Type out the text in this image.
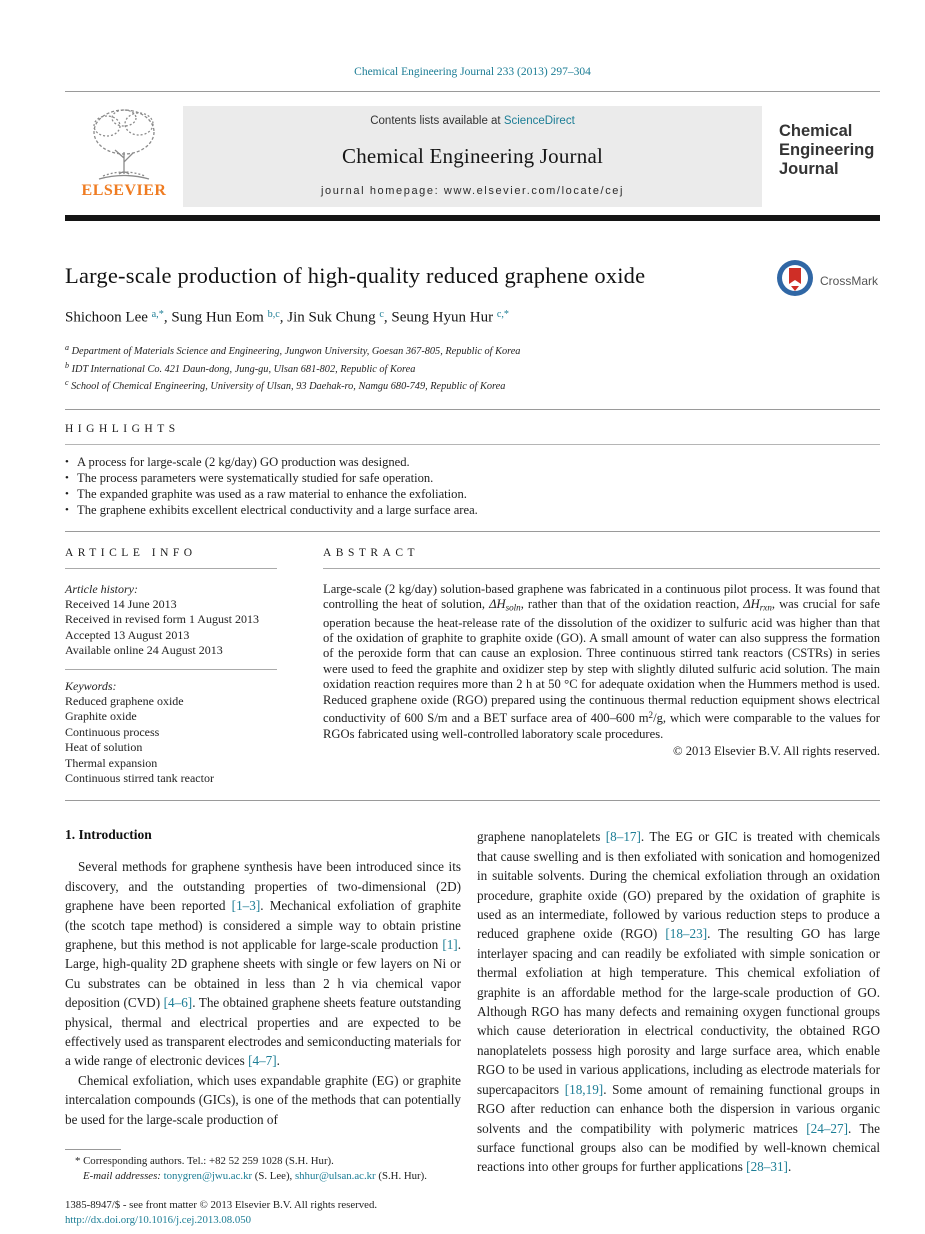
Chemical Engineering Journal 233 (2013) 297–304
ELSEVIER
Contents lists available at ScienceDirect
Chemical Engineering Journal
journal homepage: www.elsevier.com/locate/cej
Chemical
Engineering
Journal
Large-scale production of high-quality reduced graphene oxide	CrossMark
Shichoon Lee $^{a,*}$, Sung Hun Eom $^{b,c}$, Jin Suk Chung $^c$, Seung Hyun Hur $^{c,*}$
$^a$ Department of Materials Science and Engineering, Jungwon University, Goesan 367-805, Republic of Korea
$^b$ IDT International Co. 421 Daun-dong, Jung-gu, Ulsan 681-802, Republic of Korea
$^c$ School of Chemical Engineering, University of Ulsan, 93 Daehak-ro, Namgu 680-749, Republic of Korea
HIGHLIGHTS
• A process for large-scale (2 kg/day) GO production was designed.
• The process parameters were systematically studied for safe operation.
• The expanded graphite was used as a raw material to enhance the exfoliation.
• The graphene exhibits excellent electrical conductivity and a large surface area.
ARTICLE INFO
Article history:
Received 14 June 2013
Received in revised form 1 August 2013
Accepted 13 August 2013
Available online 24 August 2013
Keywords:
Reduced graphene oxide
Graphite oxide
Continuous process
Heat of solution
Thermal expansion
Continuous stirred tank reactor
ABSTRACT
Large-scale (2 kg/day) solution-based graphene was fabricated in a continuous pilot process. It was found that controlling the heat of solution, ΔHsoln, rather than that of the oxidation reaction, ΔHrxn, was crucial for safe operation because the heat-release rate of the dissolution of the oxidizer to sulfuric acid was higher than that of the oxidation of graphite to graphite oxide (GO). A small amount of water can also suppress the formation of the peroxide form that can cause an explosion. Three continuous stirred tank reactors (CSTRs) in series were used to feed the graphite and oxidizer step by step with slightly diluted sulfuric acid solution. The main oxidation reaction requires more than 2 h at 50 °C for adequate oxidation when the Hummers method is used. Reduced graphene oxide (RGO) prepared using the continuous thermal reduction equipment shows electrical conductivity of 600 S/m and a BET surface area of 400–600 $m^2/g$, which were comparable to the values for RGOs fabricated using well-controlled laboratory scale procedures.
© 2013 Elsevier B.V. All rights reserved.
1. Introduction
Several methods for graphene synthesis have been introduced since its discovery, and the outstanding properties of two-dimensional (2D) graphene have been reported [1–3]. Mechanical exfoliation of graphite (the scotch tape method) is considered a simple way to obtain pristine graphene, but this method is not applicable for large-scale production [1]. Large, high-quality 2D graphene sheets with single or few layers on Ni or Cu substrates can be obtained in less than 2 h via chemical vapor deposition (CVD) [4–6]. The obtained graphene sheets feature outstanding physical, thermal and electrical properties and are expected to be effectively used as transparent electrodes and semiconducting materials for a wide range of electronic devices [4–7].
Chemical exfoliation, which uses expandable graphite (EG) or graphite intercalation compounds (GICs), is one of the methods that can potentially be used for the large-scale production of
* Corresponding authors. Tel.: +82 52 259 1028 (S.H. Hur).
E-mail addresses: tonygren@jwu.ac.kr (S. Lee), shhur@ulsan.ac.kr (S.H. Hur).
1385-8947/$ - see front matter © 2013 Elsevier B.V. All rights reserved.
http://dx.doi.org/10.1016/j.cej.2013.08.050
graphene nanoplatelets [8–17]. The EG or GIC is treated with chemicals that cause swelling and is then exfoliated with sonication and homogenized in suitable solvents. During the chemical exfoliation through an oxidation procedure, graphite oxide (GO) prepared by the oxidation of graphite is used as an intermediate, followed by various reduction steps to produce a reduced graphene oxide (RGO) [18–23]. The resulting GO has large interlayer spacing and can readily be exfoliated with simple sonication or thermal exfoliation at high temperature. This chemical exfoliation of graphite is an affordable method for the large-scale production of GO. Although RGO has many defects and remaining oxygen functional groups which cause deterioration in electrical conductivity, the obtained RGO nanoplatelets possess high porosity and large surface area, which enable RGO to be used in various applications, including as electrode materials for supercapacitors [18,19]. Some amount of remaining functional groups in RGO after reduction can enhance both the dispersion in various organic solvents and the compatibility with polymeric matrices [24–27]. The surface functional groups also can be modified by well-known chemical reactions into other groups for further applications [28–31].
